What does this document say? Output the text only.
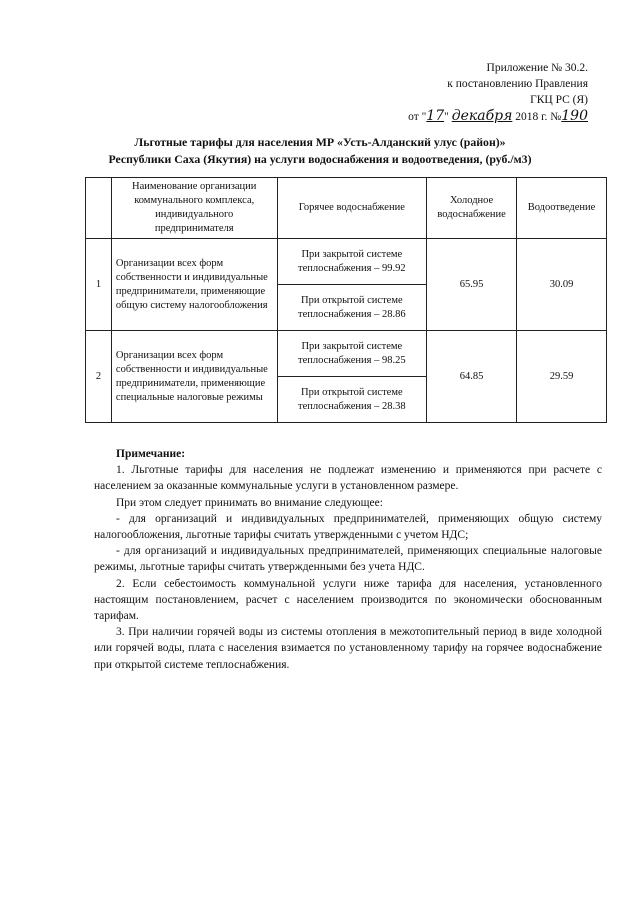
Приложение № 30.2.
к постановлению Правления
ГКЦ РС (Я)
от "17" декабря 2018 г. №190
Льготные тарифы для населения МР «Усть-Алданский улус (район)»
Республики Саха (Якутия) на услуги водоснабжения и водоотведения, (руб./м3)
	Наименование организации коммунального комплекса, индивидуального предпринимателя	Горячее водоснабжение	Холодное водоснабжение	Водоотведение
1	Организации всех форм собственности и индивидуальные предприниматели, применяющие общую систему налогообложения	При закрытой системе теплоснабжения – 99.92	65.95	30.09
		При открытой системе теплоснабжения – 28.86		
2	Организации всех форм собственности и индивидуальные предприниматели, применяющие специальные налоговые режимы	При закрытой системе теплоснабжения – 98.25	64.85	29.59
		При открытой системе теплоснабжения – 28.38		

Примечание:

1. Льготные тарифы для населения не подлежат изменению и применяются при расчете с населением за оказанные коммунальные услуги в установленном размере.

При этом следует принимать во внимание следующее:

- для организаций и индивидуальных предпринимателей, применяющих общую систему налогообложения, льготные тарифы считать утвержденными с учетом НДС;

- для организаций и индивидуальных предпринимателей, применяющих специальные налоговые режимы, льготные тарифы считать утвержденными без учета НДС.

2. Если себестоимость коммунальной услуги ниже тарифа для населения, установленного настоящим постановлением, расчет с населением производится по экономически обоснованным тарифам.

3. При наличии горячей воды из системы отопления в межотопительный период в виде холодной или горячей воды, плата с населения взимается по установленному тарифу на горячее водоснабжение при открытой системе теплоснабжения.
